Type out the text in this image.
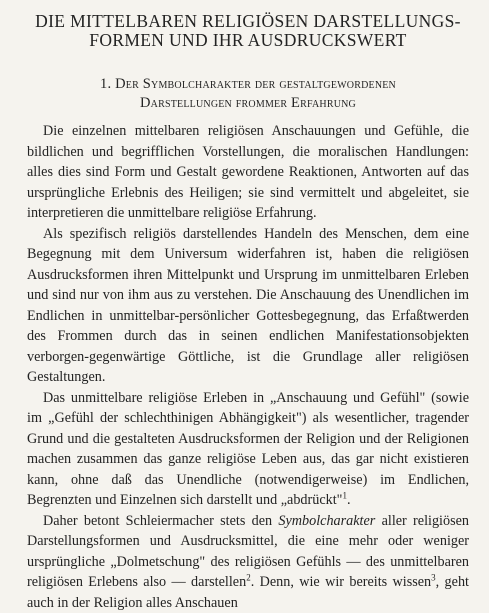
DIE MITTELBAREN RELIGIÖSEN DARSTELLUNGS-
FORMEN UND IHR AUSDRUCKSWERT
1. Der Symbolcharakter der gestaltgewordenen
Darstellungen frommer Erfahrung

Die einzelnen mittelbaren religiösen Anschauungen und Gefühle, die bildlichen und begrifflichen Vorstellungen, die moralischen Handlungen: alles dies sind Form und Gestalt gewordene Reaktionen, Antworten auf das ursprüngliche Erlebnis des Heiligen; sie sind vermittelt und abgeleitet, sie interpretieren die unmittelbare religiöse Erfahrung.

Als spezifisch religiös darstellendes Handeln des Menschen, dem eine Begegnung mit dem Universum widerfahren ist, haben die religiösen Ausdrucksformen ihren Mittelpunkt und Ursprung im unmittelbaren Erleben und sind nur von ihm aus zu verstehen. Die Anschauung des Unendlichen im Endlichen in unmittelbar-persönlicher Gottesbegegnung, das Erfaßtwerden des Frommen durch das in seinen endlichen Manifestationsobjekten verborgen-gegenwärtige Göttliche, ist die Grundlage aller religiösen Gestaltungen.

Das unmittelbare religiöse Erleben in „Anschauung und Gefühl" (sowie im „Gefühl der schlechthinigen Abhängigkeit") als wesentlicher, tragender Grund und die gestalteten Ausdrucksformen der Religion und der Religionen machen zusammen das ganze religiöse Leben aus, das gar nicht existieren kann, ohne daß das Unendliche (notwendigerweise) im Endlichen, Begrenzten und Einzelnen sich darstellt und „abdrückt"$^1$.

Daher betont Schleiermacher stets den Symbolcharakter aller religiösen Darstellungsformen und Ausdrucksmittel, die eine mehr oder weniger ursprüngliche „Dolmetschung" des religiösen Gefühls — des unmittelbaren religiösen Erlebens also — darstellen$^2$. Denn, wie wir bereits wissen$^3$, geht auch in der Religion alles Anschauen
